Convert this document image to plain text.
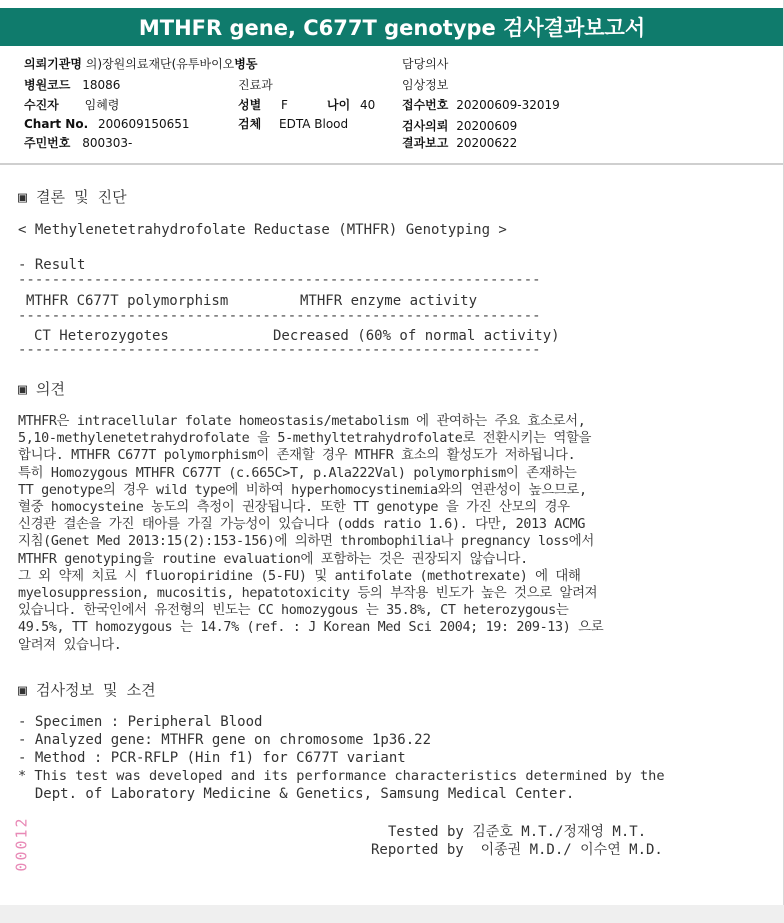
MTHFR gene, C677T genotype 검사결과보고서
의뢰기관명 의)장원의료재단(유투바이오병동	담당의사
병원코드 18086	진료과	임상정보
수진자 임혜령	성별 F	나이 40 접수번호 20200609-32019
Chart No. 200609150651	검체 EDTA Blood	검사의뢰 20200609
주민번호 800303-	결과보고 20200622
▣ 결론 및 진단
< Methylenetetrahydrofolate Reductase (MTHFR) Genotyping >
- Result
--------------------------------------------------------------
MTHFR C677T polymorphism	MTHFR enzyme activity
--------------------------------------------------------------
CT Heterozygotes	Decreased (60% of normal activity)
--------------------------------------------------------------
▣ 의견
MTHFR은 intracellular folate homeostasis/metabolism 에 관여하는 주요 효소로서,
5,10-methylenetetrahydrofolate 을 5-methyltetrahydrofolate로 전환시키는 역할을
합니다. MTHFR C677T polymorphism이 존재할 경우 MTHFR 효소의 활성도가 저하됩니다.
특히 Homozygous MTHFR C677T (c.665C>T, p.Ala222Val) polymorphism이 존재하는
TT genotype의 경우 wild type에 비하여 hyperhomocystinemia와의 연관성이 높으므로,
혈중 homocysteine 농도의 측정이 권장됩니다. 또한 TT genotype 을 가진 산모의 경우
신경관 결손을 가진 태아를 가질 가능성이 있습니다 (odds ratio 1.6). 다만, 2013 ACMG
지침(Genet Med 2013:15(2):153-156)에 의하면 thrombophilia나 pregnancy loss에서
MTHFR genotyping을 routine evaluation에 포함하는 것은 권장되지 않습니다.
그 외 약제 치료 시 fluoropiridine (5-FU) 및 antifolate (methotrexate) 에 대해
myelosuppression, mucositis, hepatotoxicity 등의 부작용 빈도가 높은 것으로 알려져
있습니다. 한국인에서 유전형의 빈도는 CC homozygous 는 35.8%, CT heterozygous는
49.5%, TT homozygous 는 14.7% (ref. : J Korean Med Sci 2004; 19: 209-13) 으로
알려져 있습니다.
▣ 검사정보 및 소견
- Specimen : Peripheral Blood
- Analyzed gene: MTHFR gene on chromosome 1p36.22
- Method : PCR-RFLP (Hin f1) for C677T variant
* This test was developed and its performance characteristics determined by the
Dept. of Laboratory Medicine & Genetics, Samsung Medical Center.
Tested by 김준호 M.T./정재영 M.T.
Reported by  이종권 M.D./ 이수연 M.D.
00012
